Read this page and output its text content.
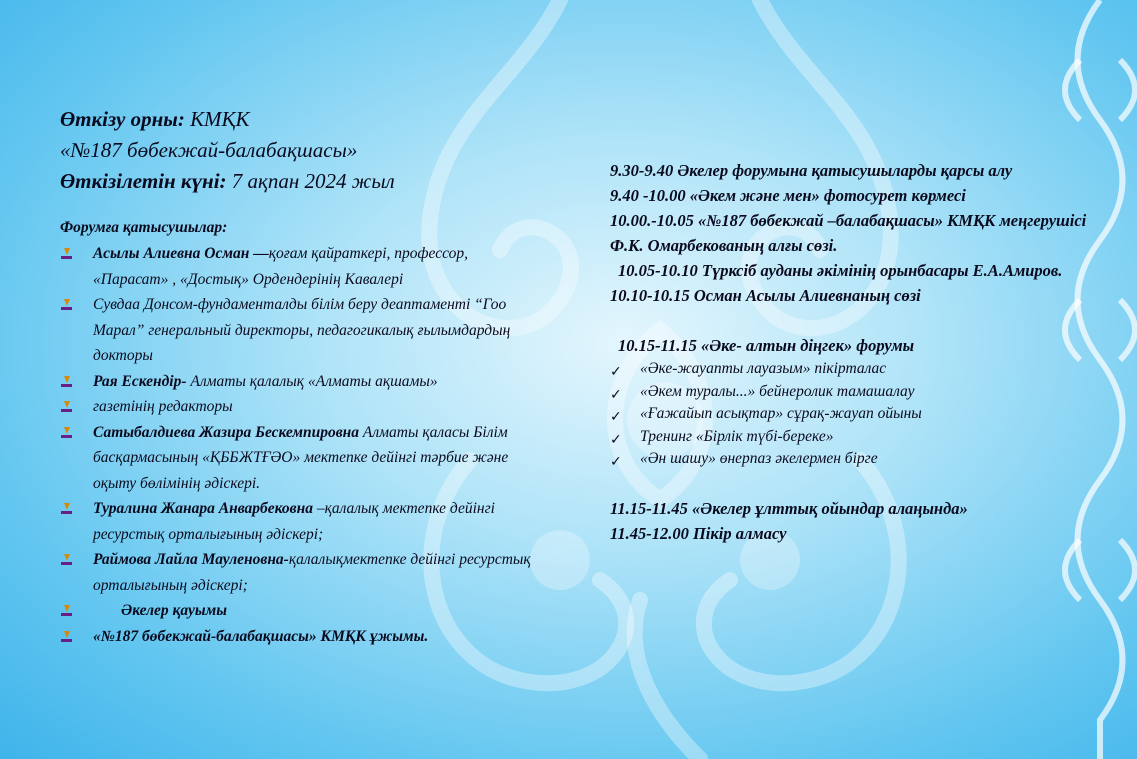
Өткізу орны: КМҚК

«№187 бөбекжай-балабақшасы»

Өткізілетін күні: 7 ақпан 2024 жыл

Форумға қатысушылар:

Асылы Алиевна Осман —қоғам қайраткері, профессор, «Парасат» , «Достық» Ордендерінің Кавалері
Сувдаа Донсом-фундаменталды білім беру деаптаменті “Гоо Марал” генеральный директоры, педагогикалық ғылымдардың докторы
Рая Ескендір- Алматы қалалық «Алматы ақшамы»
газетінің редакторы
Сатыбалдиева Жазира Бескемпировна Алматы қаласы Білім басқармасының «ҚББЖТҒӘО» мектепке дейінгі тәрбие және оқыту бөлімінің әдіскері.
Туралина Жанара Анварбековна –қалалық мектепке дейінгі ресурстық орталығының әдіскері;
Раймова Лайла Мауленовна-қалалықмектепке дейінгі ресурстық орталығының әдіскері;
Әкелер қауымы
«№187 бөбекжай-балабақшасы» КМҚК ұжымы.

9.30-9.40 Әкелер форумына қатысушыларды қарсы алу

9.40 -10.00 «Әкем және мен» фотосурет көрмесі

10.00.-10.05 «№187 бөбекжай –балабақшасы» КМҚК меңгерушісі Ф.К. Омарбекованың алғы сөзі.

10.05-10.10 Түрксіб ауданы әкімінің орынбасары Е.А.Амиров.

10.10-10.15 Осман Асылы Алиевнаның сөзі

10.15-11.15 «Әке- алтын діңгек» форумы

✓ «Әке-жауапты лауазым» пікірталас
✓ «Әкем туралы...» бейнеролик тамашалау
✓ «Ғажайып асықтар» сұрақ-жауап ойыны
✓ Тренинг «Бірлік түбі-береке»
✓ «Ән шашу» өнерпаз әкелермен бірге

11.15-11.45 «Әкелер ұлттық ойындар алаңында»

11.45-12.00 Пікір алмасу
